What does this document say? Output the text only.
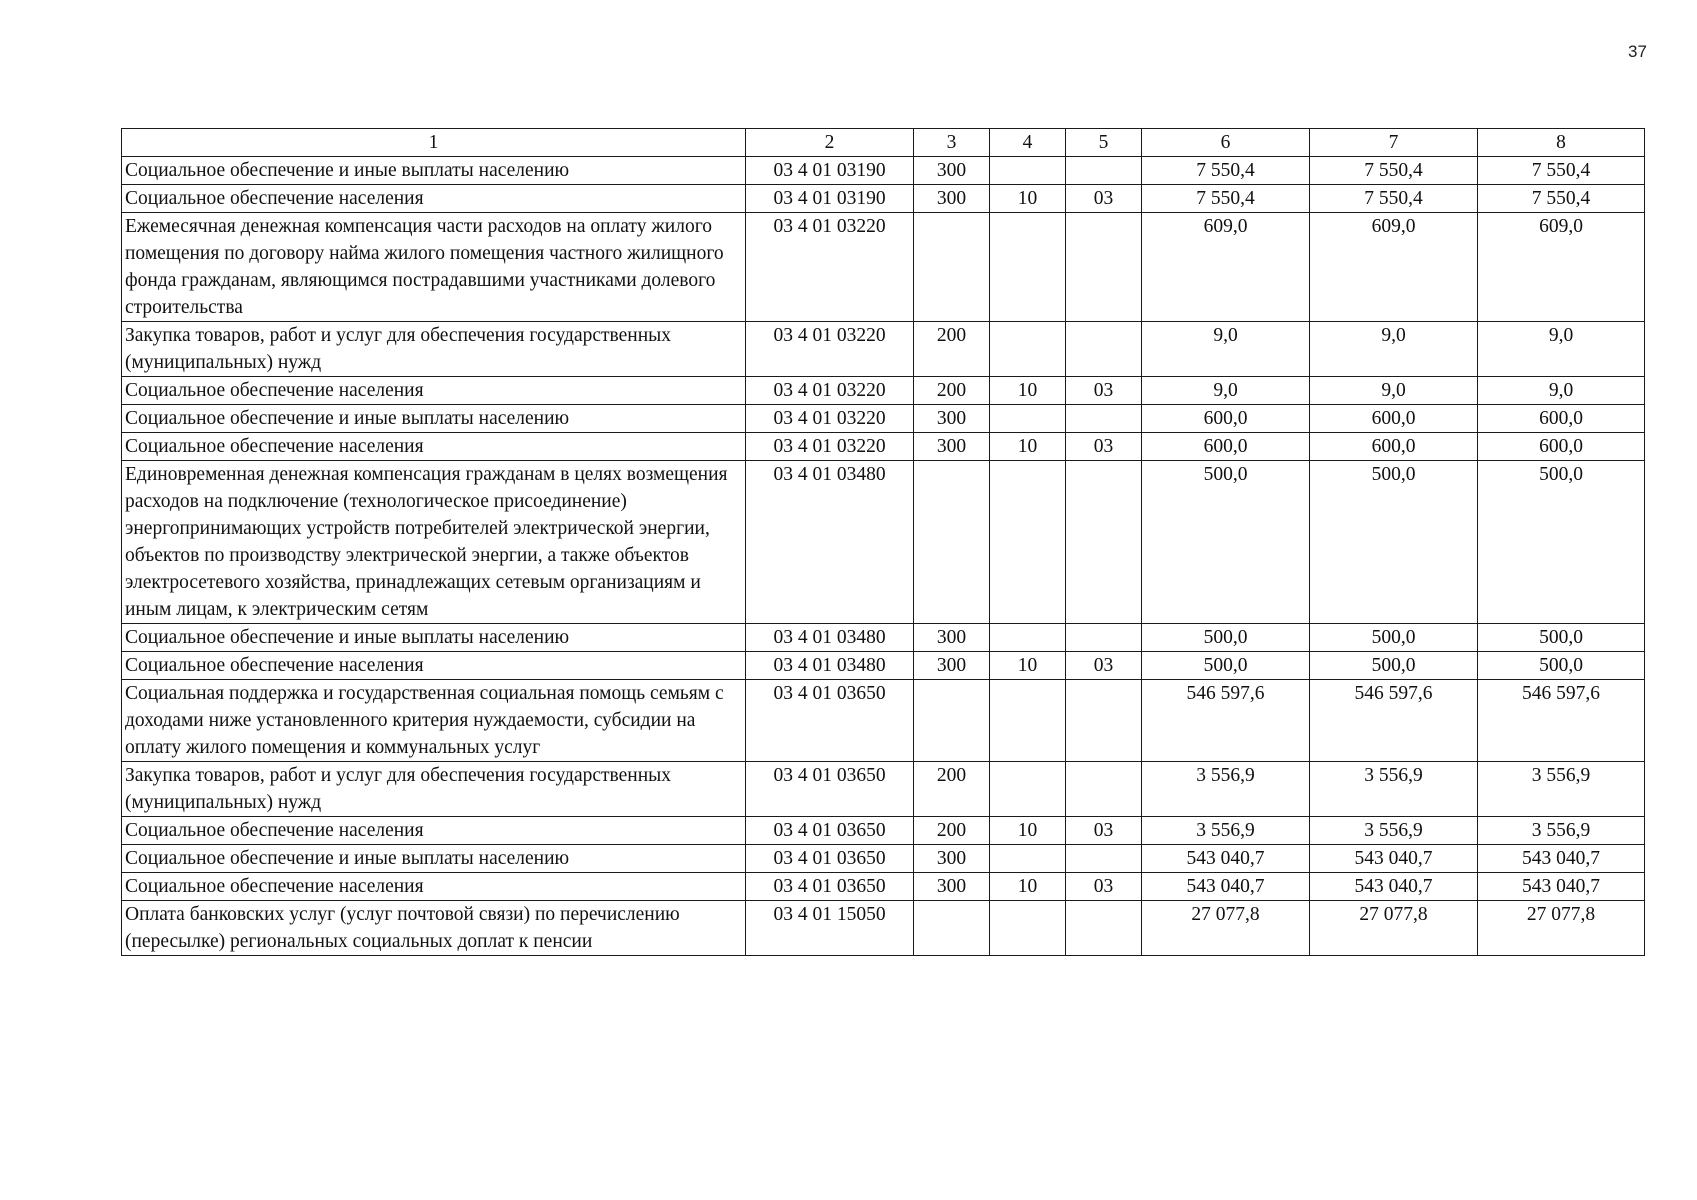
37
1	2	3	4	5	6	7	8
Социальное обеспечение и иные выплаты населению	03 4 01 03190	300			7 550,4	7 550,4	7 550,4
Социальное обеспечение населения	03 4 01 03190	300	10	03	7 550,4	7 550,4	7 550,4
Ежемесячная денежная компенсация части расходов на оплату жилого помещения по договору найма жилого помещения частного жилищного фонда гражданам, являющимся пострадавшими участниками долевого строительства	03 4 01 03220				609,0	609,0	609,0
Закупка товаров, работ и услуг для обеспечения государственных (муниципальных) нужд	03 4 01 03220	200			9,0	9,0	9,0
Социальное обеспечение населения	03 4 01 03220	200	10	03	9,0	9,0	9,0
Социальное обеспечение и иные выплаты населению	03 4 01 03220	300			600,0	600,0	600,0
Социальное обеспечение населения	03 4 01 03220	300	10	03	600,0	600,0	600,0
Единовременная денежная компенсация гражданам в целях возмещения расходов на подключение (технологическое присоединение) энергопринимающих устройств потребителей электрической энергии, объектов по производству электрической энергии, а также объектов электросетевого хозяйства, принадлежащих сетевым организациям и иным лицам, к электрическим сетям	03 4 01 03480				500,0	500,0	500,0
Социальное обеспечение и иные выплаты населению	03 4 01 03480	300			500,0	500,0	500,0
Социальное обеспечение населения	03 4 01 03480	300	10	03	500,0	500,0	500,0
Социальная поддержка и государственная социальная помощь семьям с доходами ниже установленного критерия нуждаемости, субсидии на оплату жилого помещения и коммунальных услуг	03 4 01 03650				546 597,6	546 597,6	546 597,6
Закупка товаров, работ и услуг для обеспечения государственных (муниципальных) нужд	03 4 01 03650	200			3 556,9	3 556,9	3 556,9
Социальное обеспечение населения	03 4 01 03650	200	10	03	3 556,9	3 556,9	3 556,9
Социальное обеспечение и иные выплаты населению	03 4 01 03650	300			543 040,7	543 040,7	543 040,7
Социальное обеспечение населения	03 4 01 03650	300	10	03	543 040,7	543 040,7	543 040,7
Оплата банковских услуг (услуг почтовой связи) по перечислению (пересылке) региональных социальных доплат к пенсии	03 4 01 15050				27 077,8	27 077,8	27 077,8
